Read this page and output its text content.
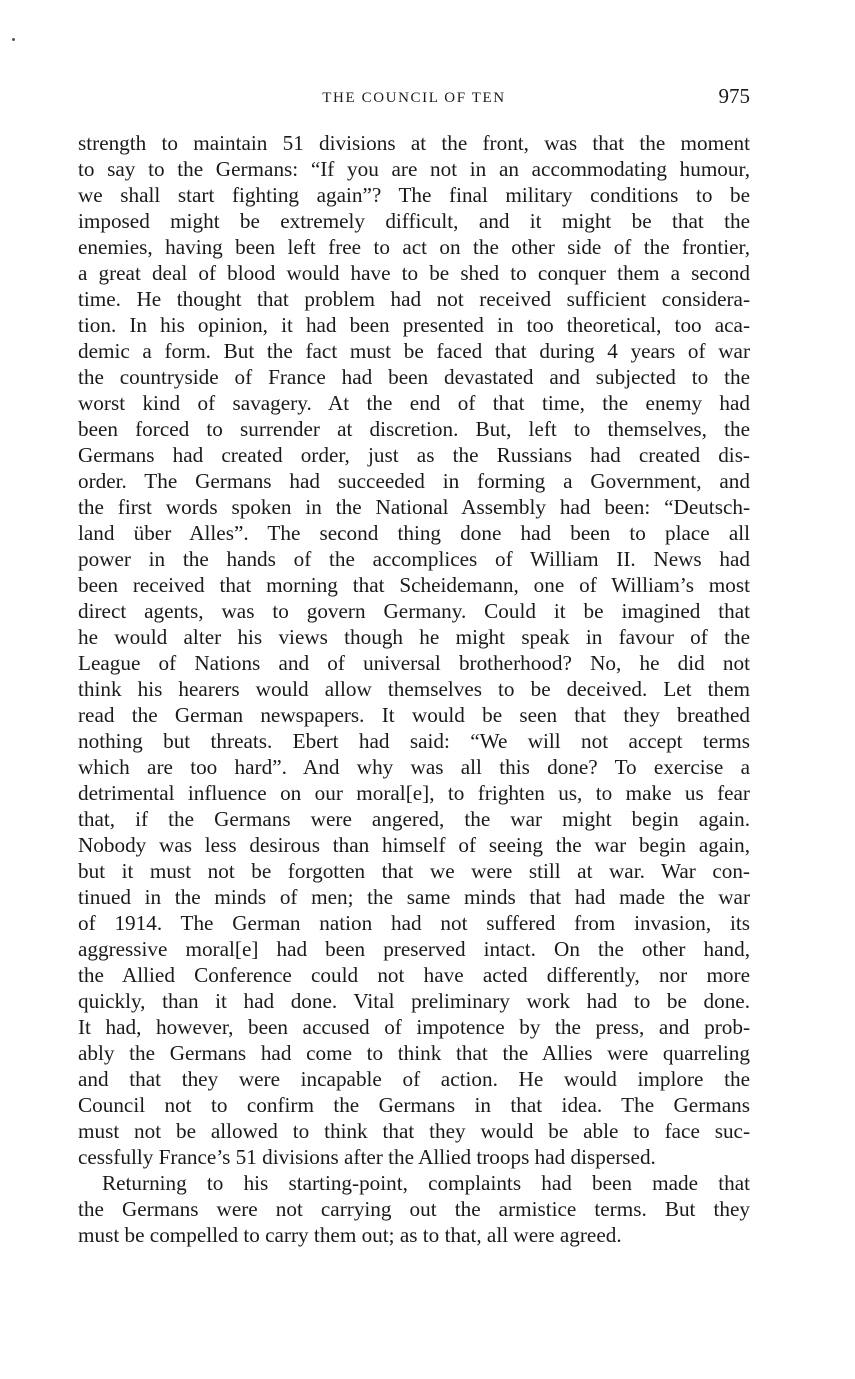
THE COUNCIL OF TEN	975
strength to maintain 51 divisions at the front, was that the moment
to say to the Germans: “If you are not in an accommodating humour,
we shall start fighting again”? The final military conditions to be
imposed might be extremely difficult, and it might be that the
enemies, having been left free to act on the other side of the frontier,
a great deal of blood would have to be shed to conquer them a second
time. He thought that problem had not received sufficient considera-
tion. In his opinion, it had been presented in too theoretical, too aca-
demic a form. But the fact must be faced that during 4 years of war
the countryside of France had been devastated and subjected to the
worst kind of savagery. At the end of that time, the enemy had
been forced to surrender at discretion. But, left to themselves, the
Germans had created order, just as the Russians had created dis-
order. The Germans had succeeded in forming a Government, and
the first words spoken in the National Assembly had been: “Deutsch-
land über Alles”. The second thing done had been to place all
power in the hands of the accomplices of William II. News had
been received that morning that Scheidemann, one of William’s most
direct agents, was to govern Germany. Could it be imagined that
he would alter his views though he might speak in favour of the
League of Nations and of universal brotherhood? No, he did not
think his hearers would allow themselves to be deceived. Let them
read the German newspapers. It would be seen that they breathed
nothing but threats. Ebert had said: “We will not accept terms
which are too hard”. And why was all this done? To exercise a
detrimental influence on our moral[e], to frighten us, to make us fear
that, if the Germans were angered, the war might begin again.
Nobody was less desirous than himself of seeing the war begin again,
but it must not be forgotten that we were still at war. War con-
tinued in the minds of men; the same minds that had made the war
of 1914. The German nation had not suffered from invasion, its
aggressive moral[e] had been preserved intact. On the other hand,
the Allied Conference could not have acted differently, nor more
quickly, than it had done. Vital preliminary work had to be done.
It had, however, been accused of impotence by the press, and prob-
ably the Germans had come to think that the Allies were quarreling
and that they were incapable of action. He would implore the
Council not to confirm the Germans in that idea. The Germans
must not be allowed to think that they would be able to face suc-
cessfully France’s 51 divisions after the Allied troops had dispersed.
Returning to his starting-point, complaints had been made that
the Germans were not carrying out the armistice terms. But they
must be compelled to carry them out; as to that, all were agreed.
